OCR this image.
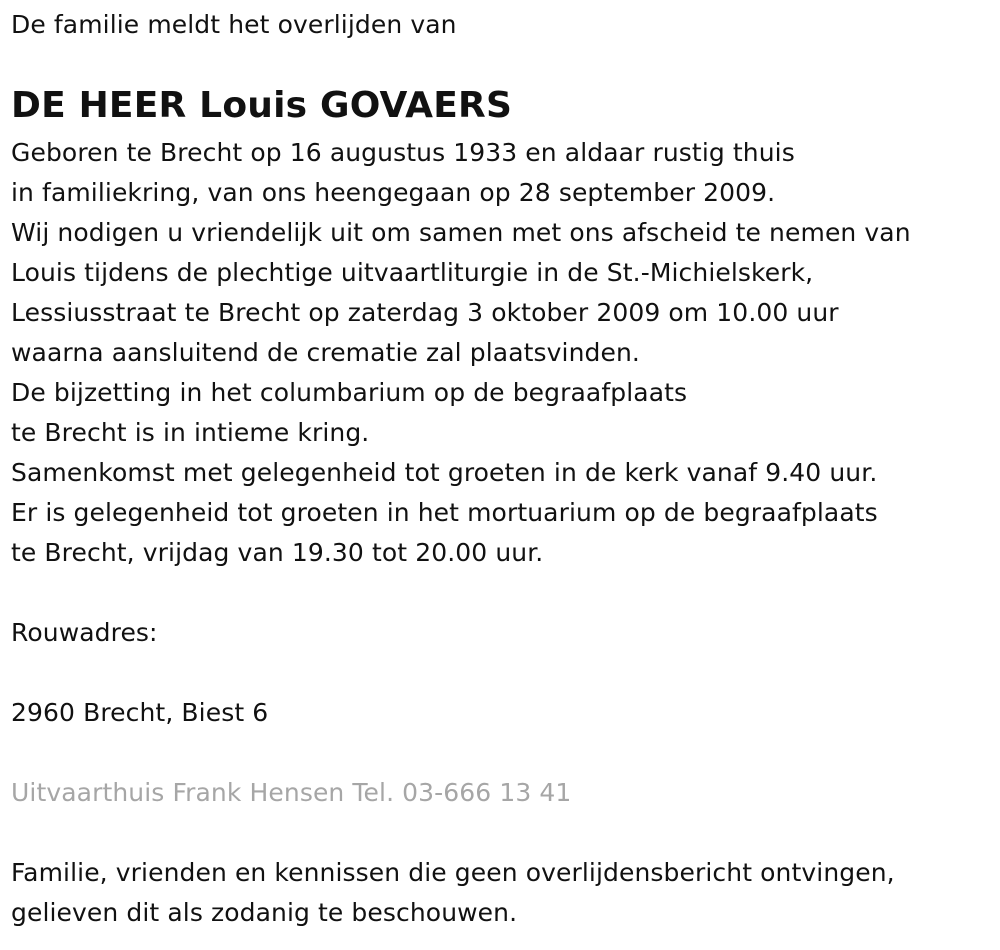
De familie meldt het overlijden van
DE HEER Louis GOVAERS
Geboren te Brecht op 16 augustus 1933 en aldaar rustig thuis
in familiekring, van ons heengegaan op 28 september 2009.
Wij nodigen u vriendelijk uit om samen met ons afscheid te nemen van
Louis tijdens de plechtige uitvaartliturgie in de St.-Michielskerk,
Lessiusstraat te Brecht op zaterdag 3 oktober 2009 om 10.00 uur
waarna aansluitend de crematie zal plaatsvinden.
De bijzetting in het columbarium op de begraafplaats
te Brecht is in intieme kring.
Samenkomst met gelegenheid tot groeten in de kerk vanaf 9.40 uur.
Er is gelegenheid tot groeten in het mortuarium op de begraafplaats
te Brecht, vrijdag van 19.30 tot 20.00 uur.
Rouwadres:
2960 Brecht, Biest 6
Uitvaarthuis Frank Hensen Tel. 03-666 13 41
Familie, vrienden en kennissen die geen overlijdensbericht ontvingen,
gelieven dit als zodanig te beschouwen.
